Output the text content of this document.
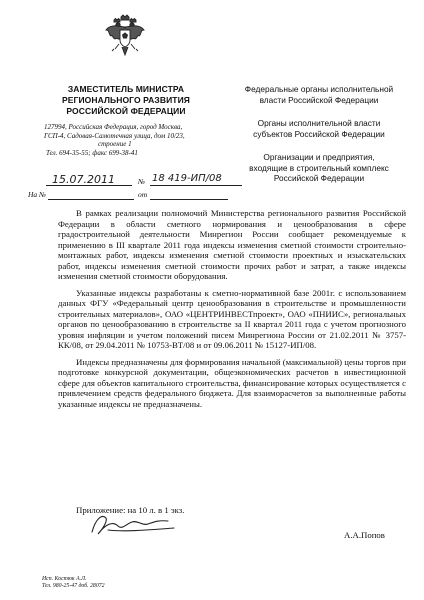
ЗАМЕСТИТЕЛЬ МИНИСТРА
РЕГИОНАЛЬНОГО РАЗВИТИЯ
РОССИЙСКОЙ ФЕДЕРАЦИИ
127994, Российская Федерация, город Москва,
ГСП-4, Садовая-Самотечная улица, дом 10/23,
строение 1
Тел. 694-35-55; факс 699-38-41
15.07.2011	№ 18 419-ИП/08
На №	от
Федеральные органы исполнительной
власти Российской Федерации
Органы исполнительной власти
субъектов Российской Федерации
Организации и предприятия,
входящие в строительный комплекс
Российской Федерации

В рамках реализации полномочий Министерства регионального развития Российской Федерации в области сметного нормирования и ценообразования в сфере градостроительной деятельности Минрегион России сообщает рекомендуемые к применению в III квартале 2011 года индексы изменения сметной стоимости строительно-монтажных работ, индексы изменения сметной стоимости проектных и изыскательских работ, индексы изменения сметной стоимости прочих работ и затрат, а также индексы изменения сметной стоимости оборудования.

Указанные индексы разработаны к сметно-нормативной базе 2001г. с использованием данных ФГУ «Федеральный центр ценообразования в строительстве и промышленности строительных материалов», ОАО «ЦЕНТРИНВЕСТпроект», ОАО «ПНИИС», региональных органов по ценообразованию в строительстве за II квартал 2011 года с учетом прогнозного уровня инфляции и учетом положений писем Минрегиона России от 21.02.2011 № 3757-КК/08, от 29.04.2011 № 10753-ВТ/08 и от 09.06.2011 № 15127-ИП/08.

Индексы предназначены для формирования начальной (максимальной) цены торгов при подготовке конкурсной документации, общеэкономических расчетов в инвестиционной сфере для объектов капитального строительства, финансирование которых осуществляется с привлечением средств федерального бюджета. Для взаиморасчетов за выполненные работы указанные индексы не предназначены.

Приложение: на 10 л. в 1 экз.
А.А.Попов
Исп. Костюк А.Л.
Тел. 980-25-47 доб. 28072
